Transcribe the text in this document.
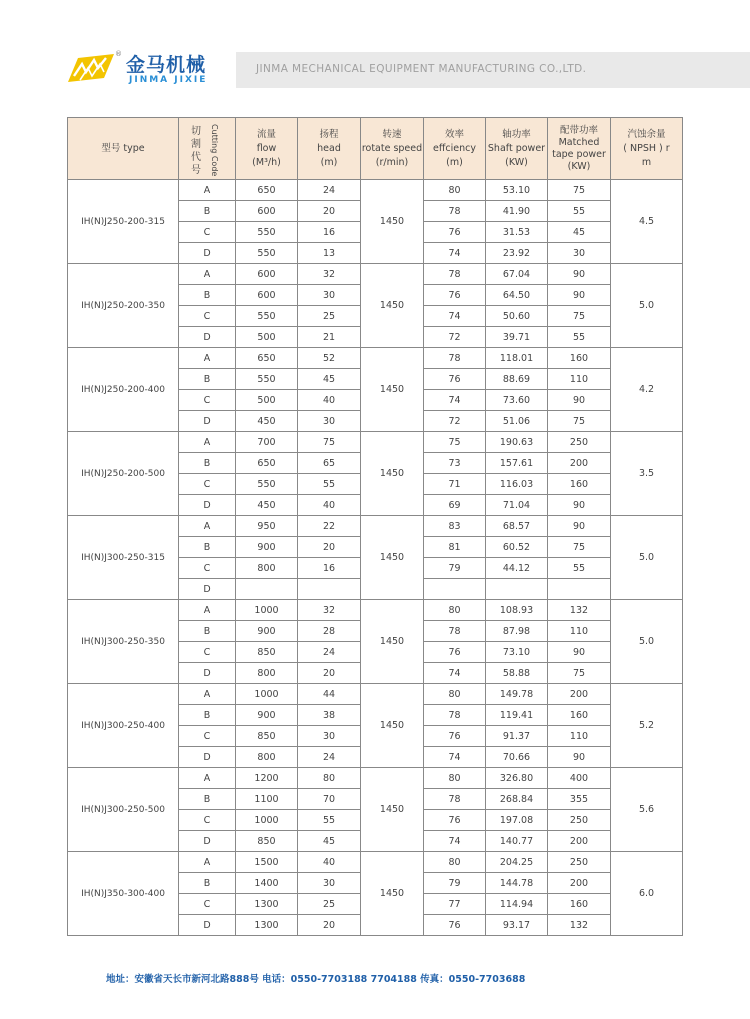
® 金马机械
JINMA JIXIE
JINMA MECHANICAL EQUIPMENT MANUFACTURING CO.,LTD.
型号 type	切割代号 Cutting Code	流量
flow
(M³/h)	扬程
head
(m)	转速
rotate speed
(r/min)	效率
effciency
(m)	轴功率
Shaft power
(KW)	配带功率
Matched
tape power
(KW)	汽蚀余量
( NPSH ) r
m
IH(N)J250-200-315	A	650	24	1450	80	53.10	75	4.5
	B	600	20		78	41.90	55	
	C	550	16		76	31.53	45	
	D	550	13		74	23.92	30	
IH(N)J250-200-350	A	600	32	1450	78	67.04	90	5.0
	B	600	30		76	64.50	90	
	C	550	25		74	50.60	75	
	D	500	21		72	39.71	55	
IH(N)J250-200-400	A	650	52	1450	78	118.01	160	4.2
	B	550	45		76	88.69	110	
	C	500	40		74	73.60	90	
	D	450	30		72	51.06	75	
IH(N)J250-200-500	A	700	75	1450	75	190.63	250	3.5
	B	650	65		73	157.61	200	
	C	550	55		71	116.03	160	
	D	450	40		69	71.04	90	
IH(N)J300-250-315	A	950	22	1450	83	68.57	90	5.0
	B	900	20		81	60.52	75	
	C	800	16		79	44.12	55	
	D							
IH(N)J300-250-350	A	1000	32	1450	80	108.93	132	5.0
	B	900	28		78	87.98	110	
	C	850	24		76	73.10	90	
	D	800	20		74	58.88	75	
IH(N)J300-250-400	A	1000	44	1450	80	149.78	200	5.2
	B	900	38		78	119.41	160	
	C	850	30		76	91.37	110	
	D	800	24		74	70.66	90	
IH(N)J300-250-500	A	1200	80	1450	80	326.80	400	5.6
	B	1100	70		78	268.84	355	
	C	1000	55		76	197.08	250	
	D	850	45		74	140.77	200	
IH(N)J350-300-400	A	1500	40	1450	80	204.25	250	6.0
	B	1400	30		79	144.78	200	
	C	1300	25		77	114.94	160	
	D	1300	20		76	93.17	132	
地址：安徽省天长市新河北路888号 电话：0550-7703188 7704188 传真：0550-7703688
